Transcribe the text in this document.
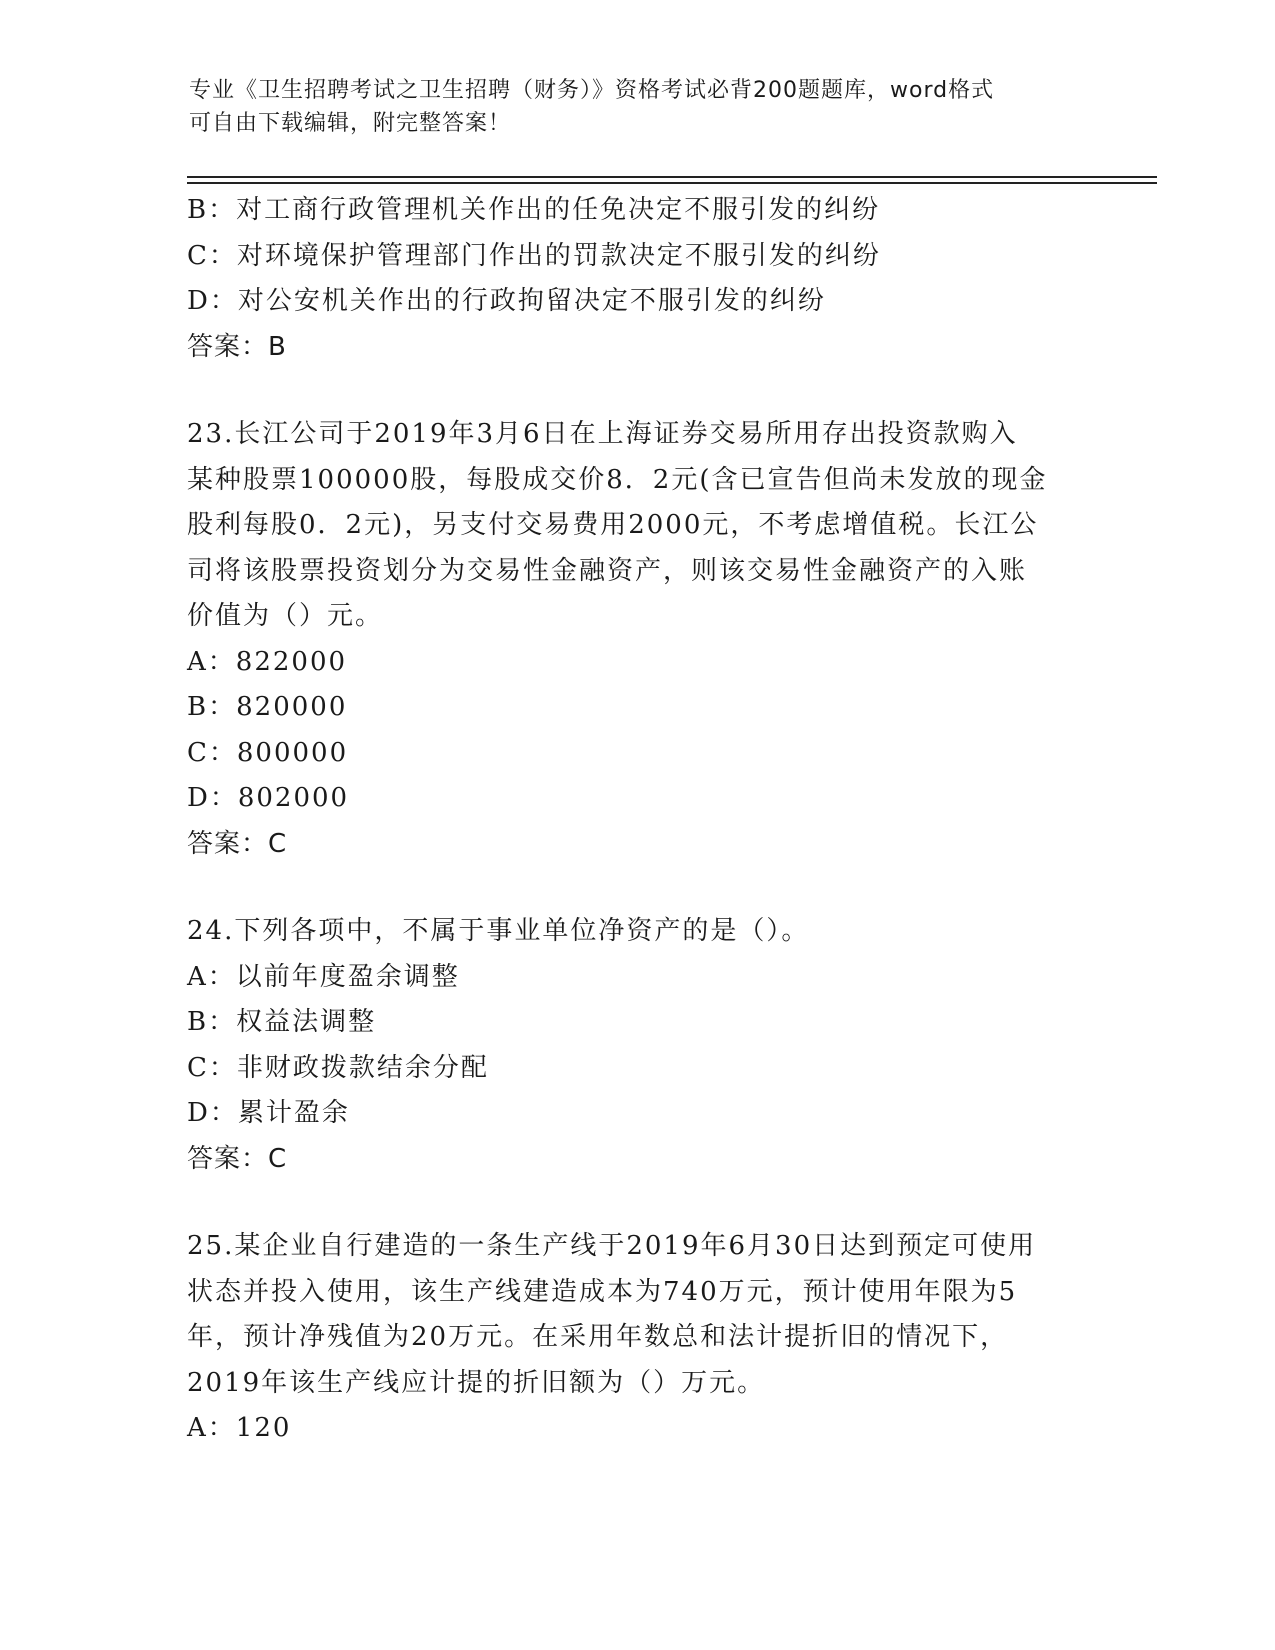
专业《卫生招聘考试之卫生招聘（财务）》资格考试必背200题题库，word格式
可自由下载编辑，附完整答案！
B：对工商行政管理机关作出的任免决定不服引发的纠纷
C：对环境保护管理部门作出的罚款决定不服引发的纠纷
D：对公安机关作出的行政拘留决定不服引发的纠纷
答案：B
23.长江公司于2019年3月6日在上海证券交易所用存出投资款购入
某种股票100000股，每股成交价8．2元(含已宣告但尚未发放的现金
股利每股0．2元)，另支付交易费用2000元，不考虑增值税。长江公
司将该股票投资划分为交易性金融资产，则该交易性金融资产的入账
价值为（）元。
A：822000
B：820000
C：800000
D：802000
答案：C
24.下列各项中，不属于事业单位净资产的是（）。
A：以前年度盈余调整
B：权益法调整
C：非财政拨款结余分配
D：累计盈余
答案：C
25.某企业自行建造的一条生产线于2019年6月30日达到预定可使用
状态并投入使用，该生产线建造成本为740万元，预计使用年限为5
年，预计净残值为20万元。在采用年数总和法计提折旧的情况下，
2019年该生产线应计提的折旧额为（）万元。
A：120
